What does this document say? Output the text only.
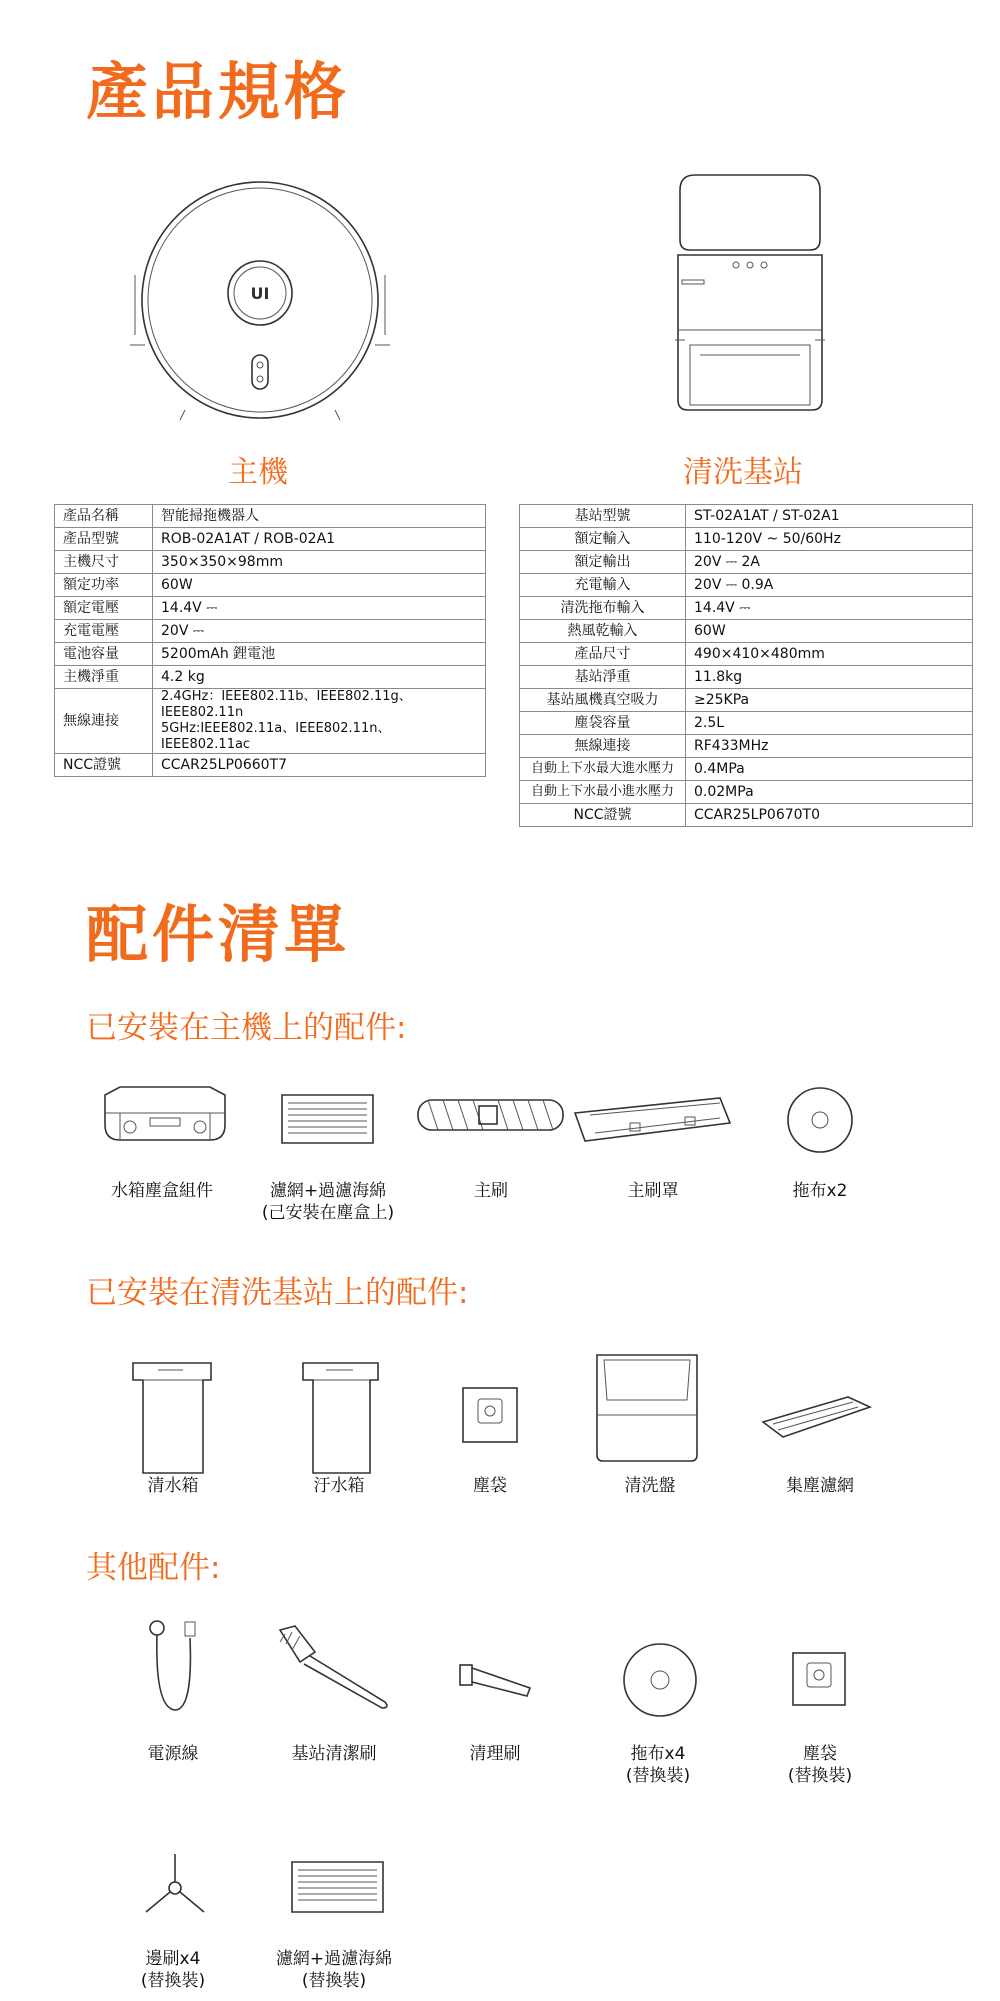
產品規格
UI
主機	清洗基站
產品名稱	智能掃拖機器人
產品型號	ROB-02A1AT / ROB-02A1
主機尺寸	350×350×98mm
額定功率	60W
額定電壓	14.4V ⎓
充電電壓	20V ⎓
電池容量	5200mAh 鋰電池
主機淨重	4.2 kg
無線連接	2.4GHz：IEEE802.11b、IEEE802.11g、IEEE802.11n
5GHz:IEEE802.11a、IEEE802.11n、IEEE802.11ac

NCC證號	CCAR25LP0660T7
基站型號	ST-02A1AT / ST-02A1
額定輸入	110-120V ~ 50/60Hz
額定輸出	20V ⎓ 2A
充電輸入	20V ⎓ 0.9A
清洗拖布輸入	14.4V ⎓
熱風乾輸入	60W
產品尺寸	490×410×480mm
基站淨重	11.8kg
基站風機真空吸力	≥25KPa
塵袋容量	2.5L
無線連接	RF433MHz
自動上下水最大進水壓力	0.4MPa
自動上下水最小進水壓力	0.02MPa
NCC證號	CCAR25LP0670T0
配件清單
已安裝在主機上的配件:
水箱塵盒組件	濾網+過濾海綿
(己安裝在塵盒上)
主刷	主刷罩	拖布x2
已安裝在清洗基站上的配件:
清水箱	汙水箱	塵袋	清洗盤	集塵濾網
其他配件:
電源線	基站清潔刷	清理刷	拖布x4
(替換裝)
塵袋
(替換裝)
邊刷x4
(替換裝)
濾網+過濾海綿
(替換裝)
